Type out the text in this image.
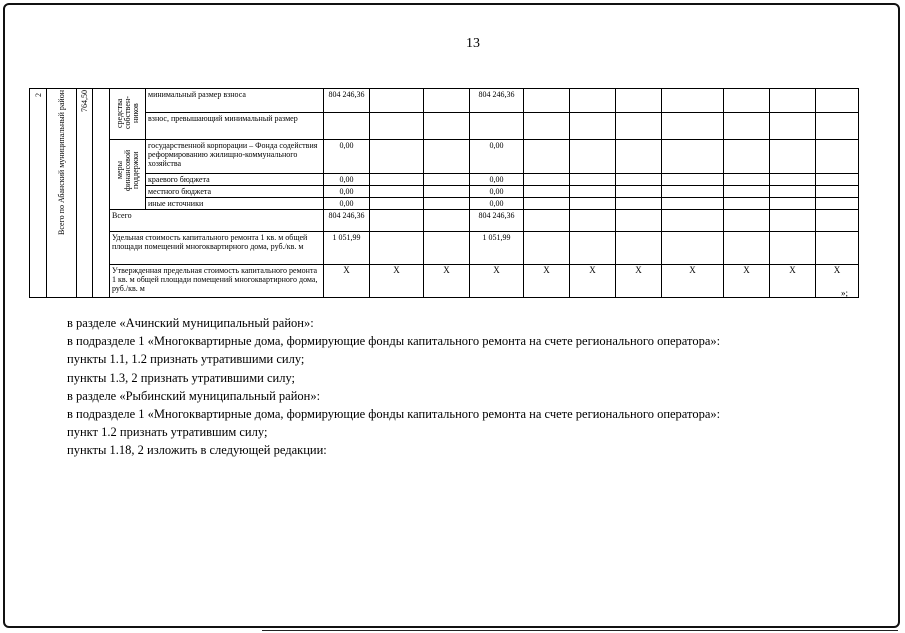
13
2	Всего по Абанский муниципальный район	764,50		средства собствен-ников	минимальный размер взноса	804 246,36			804 246,36							
					взнос, превышающий минимальный размер											
				меры финансовой поддержки	государственной корпорации – Фонда содействия реформированию жилищно-коммунального хозяйства	0,00			0,00							
					краевого бюджета	0,00			0,00							
					местного бюджета	0,00			0,00							
					иные источники	0,00			0,00							
				Всего		804 246,36			804 246,36							
				Удельная стоимость капитального ремонта 1 кв. м общей площади помещений многоквартирного дома, руб./кв. м		1 051,99			1 051,99							
				Утвержденная предельная стоимость капитального ремонта 1 кв. м общей площади помещений многоквартирного дома, руб./кв. м		Х	Х	Х	Х	Х	Х	Х	Х	Х	Х	Х
»;

в разделе «Ачинский муниципальный район»:

в подразделе 1 «Многоквартирные дома, формирующие фонды капитального ремонта на счете регионального оператора»:

пункты 1.1, 1.2 признать утратившими силу;

пункты 1.3, 2 признать утратившими силу;

в разделе «Рыбинский муниципальный район»:

в подразделе 1 «Многоквартирные дома, формирующие фонды капитального ремонта на счете регионального оператора»:

пункт 1.2 признать утратившим силу;

пункты 1.18, 2 изложить в следующей редакции:
